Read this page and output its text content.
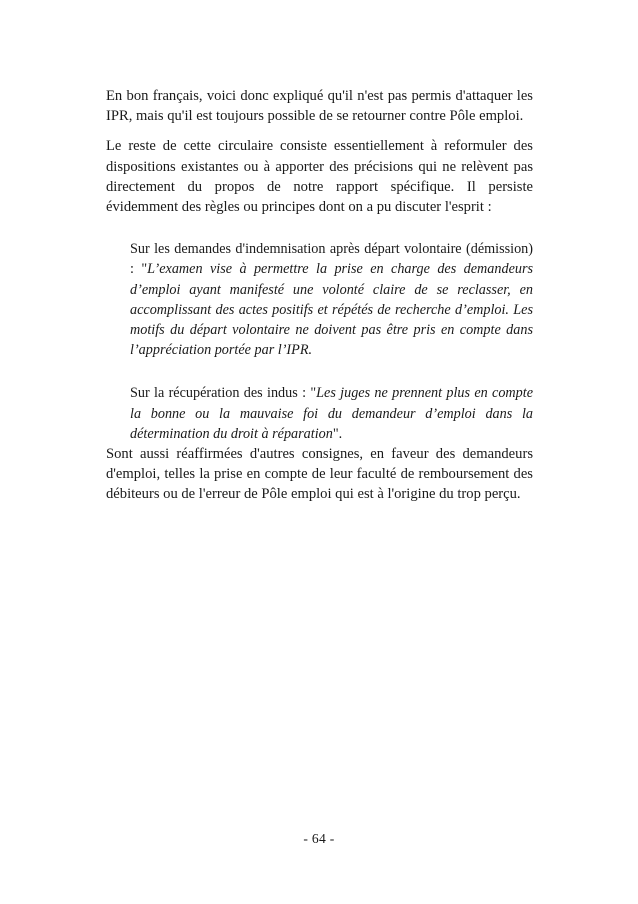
En bon français, voici donc expliqué qu'il n'est pas permis d'attaquer les IPR, mais qu'il est toujours possible de se retourner contre Pôle emploi.

Le reste de cette circulaire consiste essentiellement à reformuler des dispositions existantes ou à apporter des précisions qui ne relèvent pas directement du propos de notre rapport spécifique. Il persiste évidemment des règles ou principes dont on a pu discuter l'esprit :

Sur les demandes d'indemnisation après départ volontaire (démission) : "L’examen vise à permettre la prise en charge des demandeurs d’emploi ayant manifesté une volonté claire de se reclasser, en accomplissant des actes positifs et répétés de recherche d’emploi. Les motifs du départ volontaire ne doivent pas être pris en compte dans l’appréciation portée par l’IPR.
Sur la récupération des indus : "Les juges ne prennent plus en compte la bonne ou la mauvaise foi du demandeur d’emploi dans la détermination du droit à réparation".

Sont aussi réaffirmées d'autres consignes, en faveur des demandeurs d'emploi, telles la prise en compte de leur faculté de remboursement des débiteurs ou de l'erreur de Pôle emploi qui est à l'origine du trop perçu.

- 64 -
